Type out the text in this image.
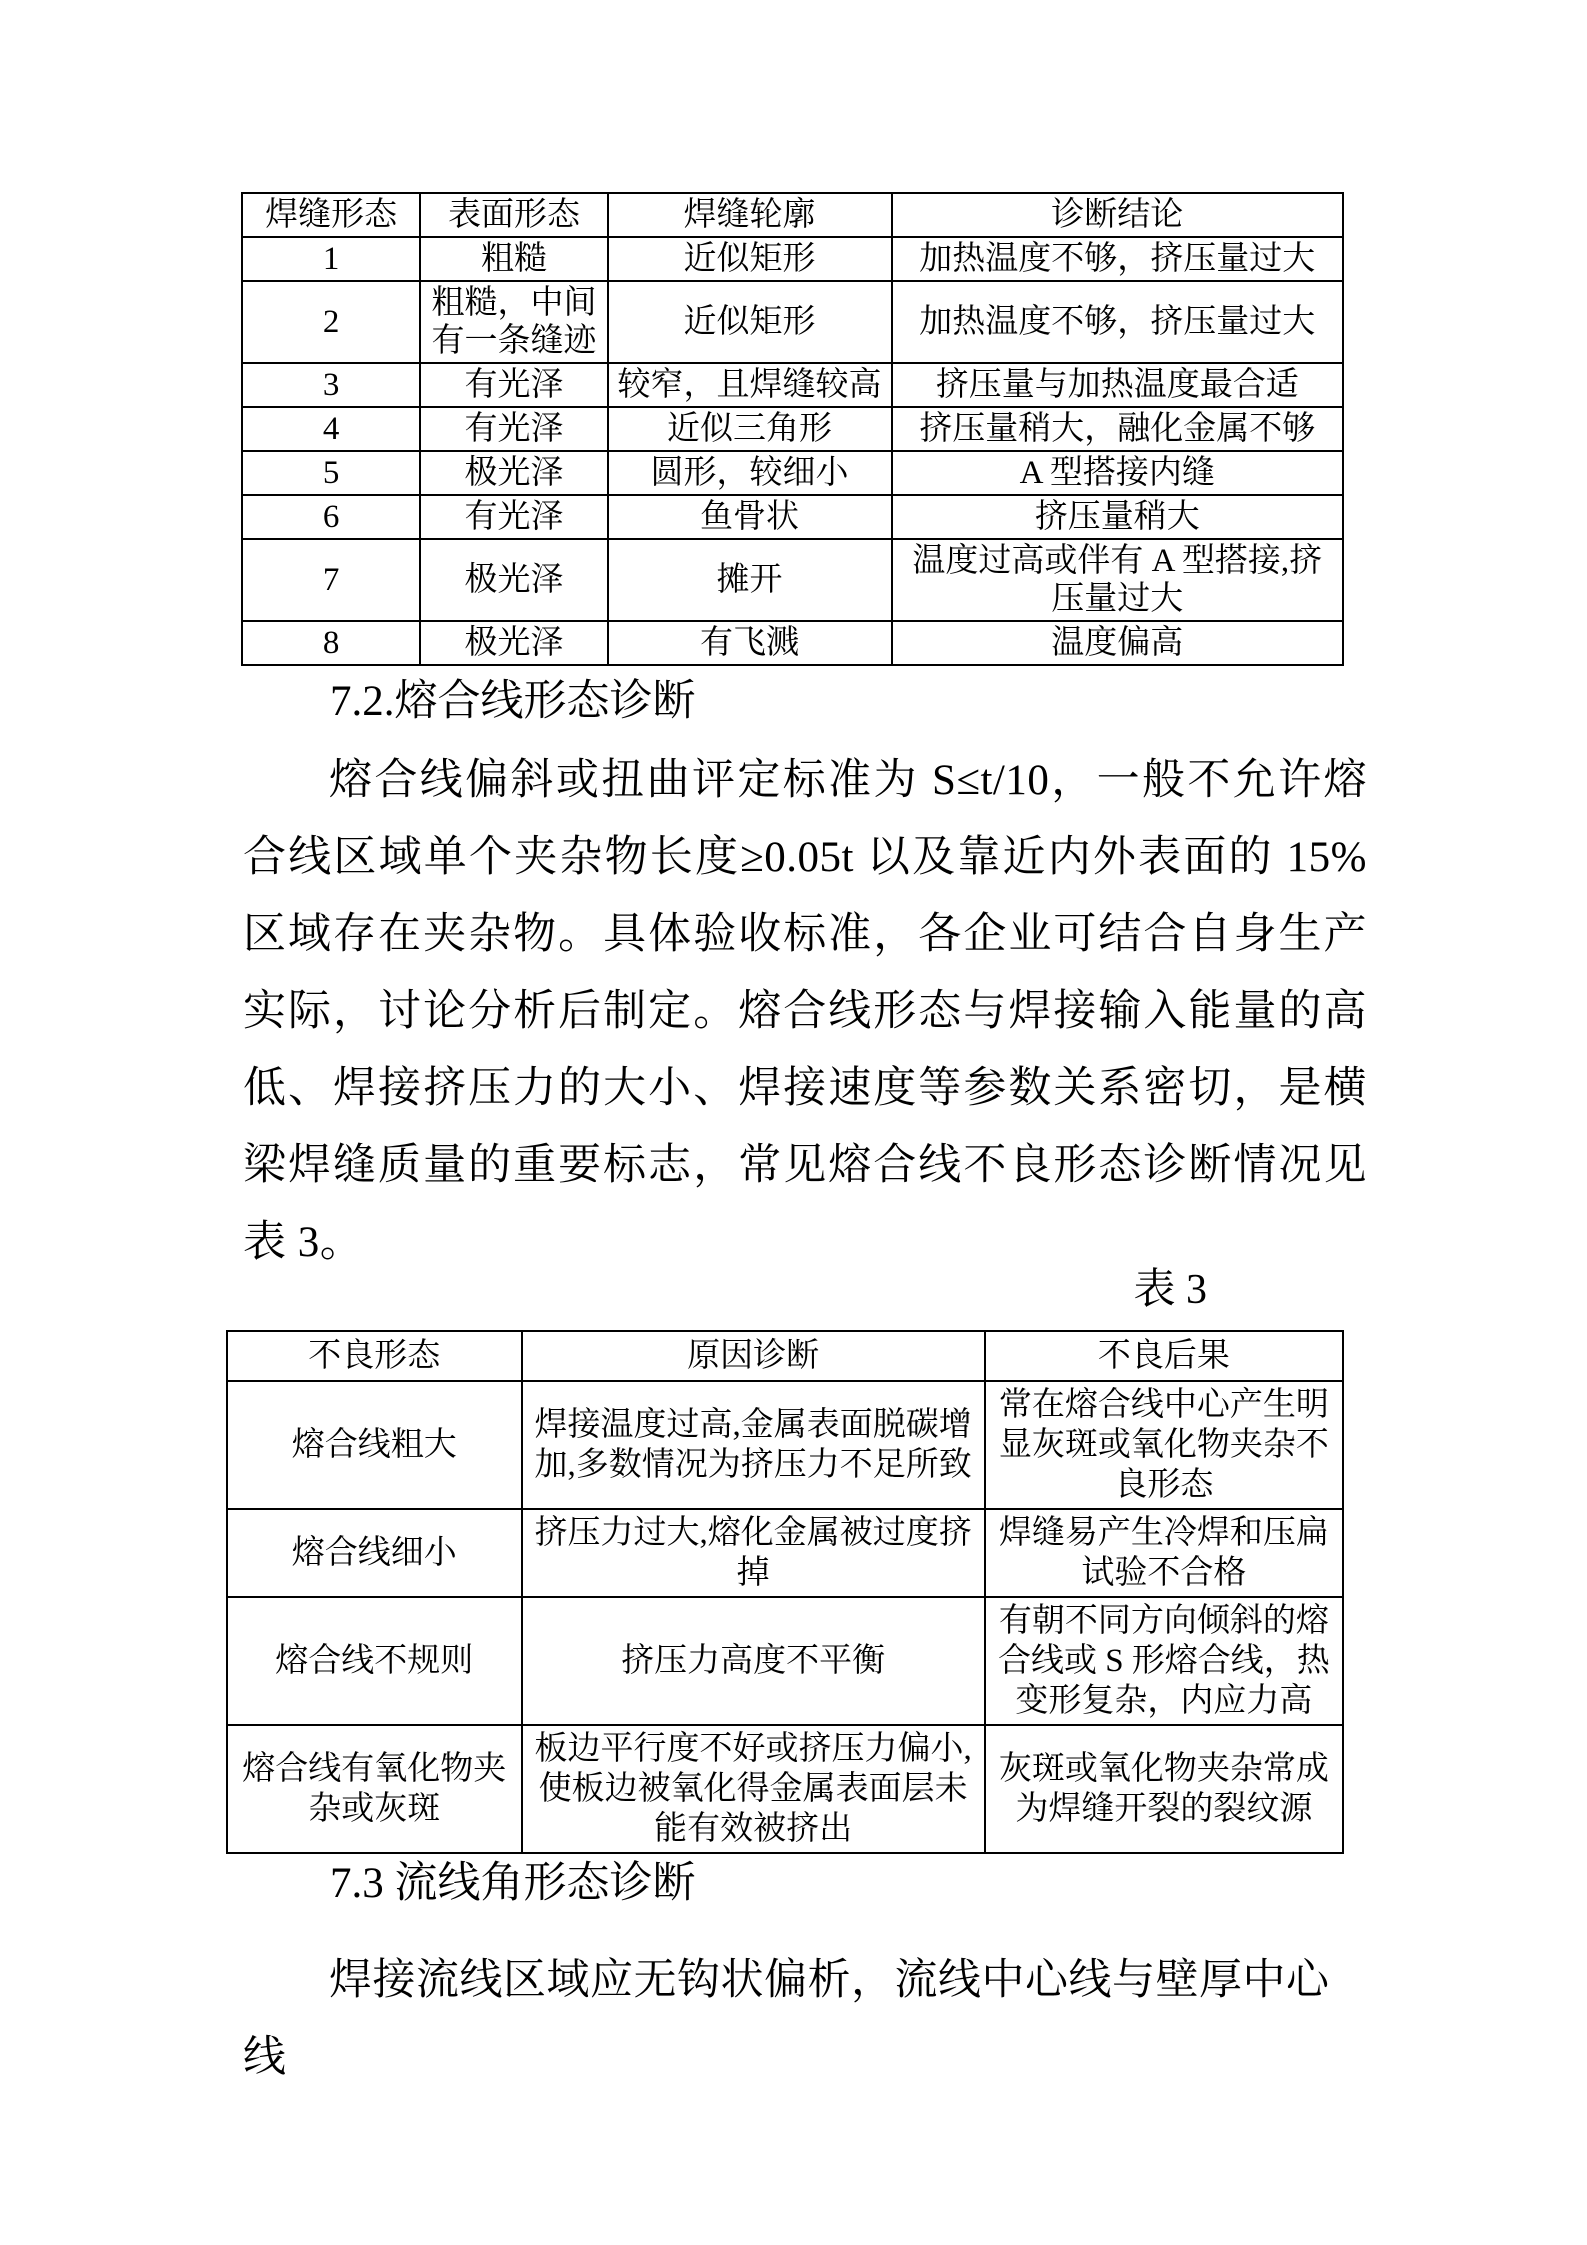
焊缝形态	表面形态	焊缝轮廓	诊断结论
1	粗糙	近似矩形	加热温度不够，挤压量过大
2	粗糙，中间有一条缝迹	近似矩形	加热温度不够，挤压量过大
3	有光泽	较窄，且焊缝较高	挤压量与加热温度最合适
4	有光泽	近似三角形	挤压量稍大，融化金属不够
5	极光泽	圆形，较细小	A 型搭接内缝
6	有光泽	鱼骨状	挤压量稍大
7	极光泽	摊开	温度过高或伴有 A 型搭接,挤压量过大
8	极光泽	有飞溅	温度偏高
7.2.熔合线形态诊断

熔合线偏斜或扭曲评定标准为 S≤t/10，一般不允许熔合线区域单个夹杂物长度≥0.05t 以及靠近内外表面的 15%区域存在夹杂物。具体验收标准，各企业可结合自身生产实际，讨论分析后制定。熔合线形态与焊接输入能量的高低、焊接挤压力的大小、焊接速度等参数关系密切，是横梁焊缝质量的重要标志，常见熔合线不良形态诊断情况见表 3。

表 3
不良形态	原因诊断	不良后果
熔合线粗大	焊接温度过高,金属表面脱碳增加,多数情况为挤压力不足所致	常在熔合线中心产生明显灰斑或氧化物夹杂不良形态
熔合线细小	挤压力过大,熔化金属被过度挤掉	焊缝易产生冷焊和压扁试验不合格
熔合线不规则	挤压力高度不平衡	有朝不同方向倾斜的熔合线或 S 形熔合线，热变形复杂，内应力高
熔合线有氧化物夹杂或灰斑	板边平行度不好或挤压力偏小,使板边被氧化得金属表面层未能有效被挤出	灰斑或氧化物夹杂常成为焊缝开裂的裂纹源
7.3 流线角形态诊断

焊接流线区域应无钩状偏析，流线中心线与壁厚中心线
